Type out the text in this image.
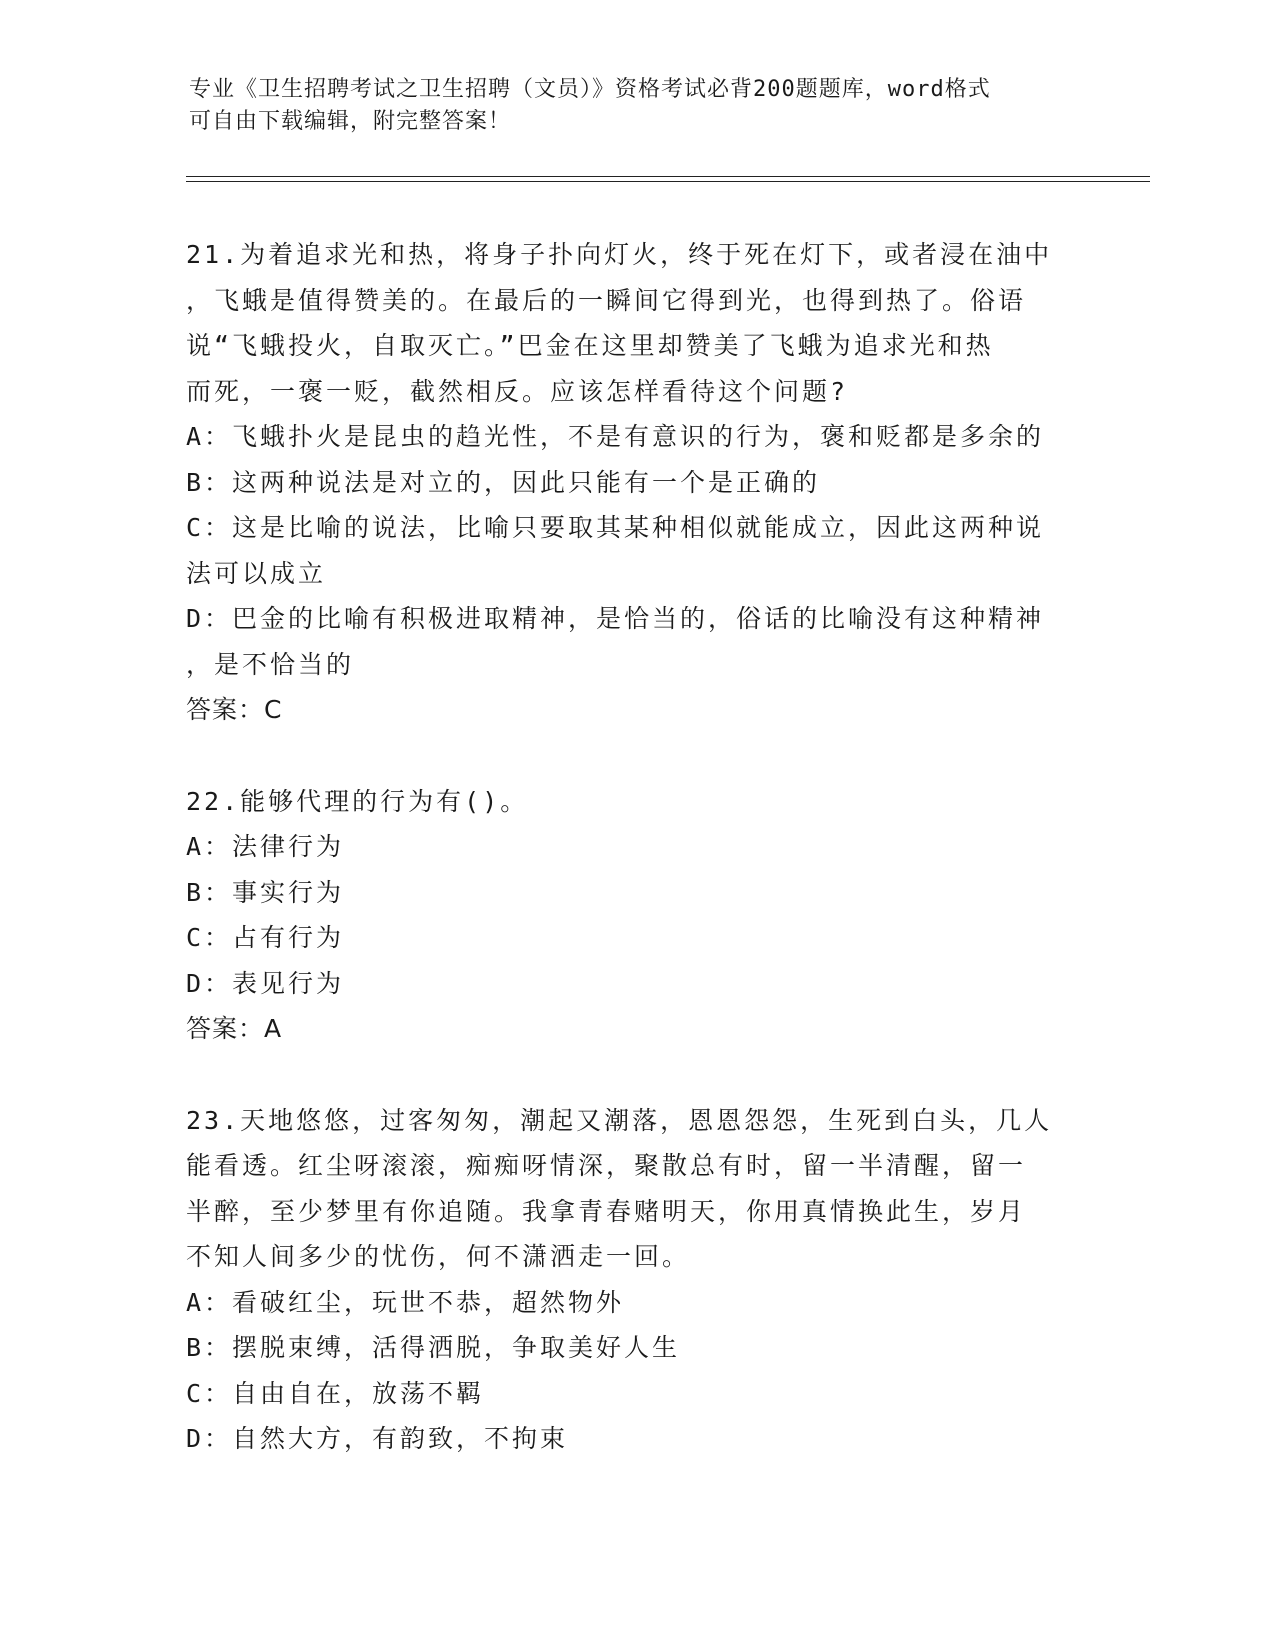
专业《卫生招聘考试之卫生招聘（文员）》资格考试必背200题题库，word格式
可自由下载编辑，附完整答案！
21.为着追求光和热，将身子扑向灯火，终于死在灯下，或者浸在油中
，飞蛾是值得赞美的。在最后的一瞬间它得到光，也得到热了。俗语
说“飞蛾投火，自取灭亡。”巴金在这里却赞美了飞蛾为追求光和热
而死，一褒一贬，截然相反。应该怎样看待这个问题?
A：飞蛾扑火是昆虫的趋光性，不是有意识的行为，褒和贬都是多余的
B：这两种说法是对立的，因此只能有一个是正确的
C：这是比喻的说法，比喻只要取其某种相似就能成立，因此这两种说
法可以成立
D：巴金的比喻有积极进取精神，是恰当的，俗话的比喻没有这种精神
，是不恰当的
答案：C
22.能够代理的行为有()。
A：法律行为
B：事实行为
C：占有行为
D：表见行为
答案：A
23.天地悠悠，过客匆匆，潮起又潮落，恩恩怨怨，生死到白头，几人
能看透。红尘呀滚滚，痴痴呀情深，聚散总有时，留一半清醒，留一
半醉，至少梦里有你追随。我拿青春赌明天，你用真情换此生，岁月
不知人间多少的忧伤，何不潇洒走一回。
A：看破红尘，玩世不恭，超然物外
B：摆脱束缚，活得洒脱，争取美好人生
C：自由自在，放荡不羁
D：自然大方，有韵致，不拘束
